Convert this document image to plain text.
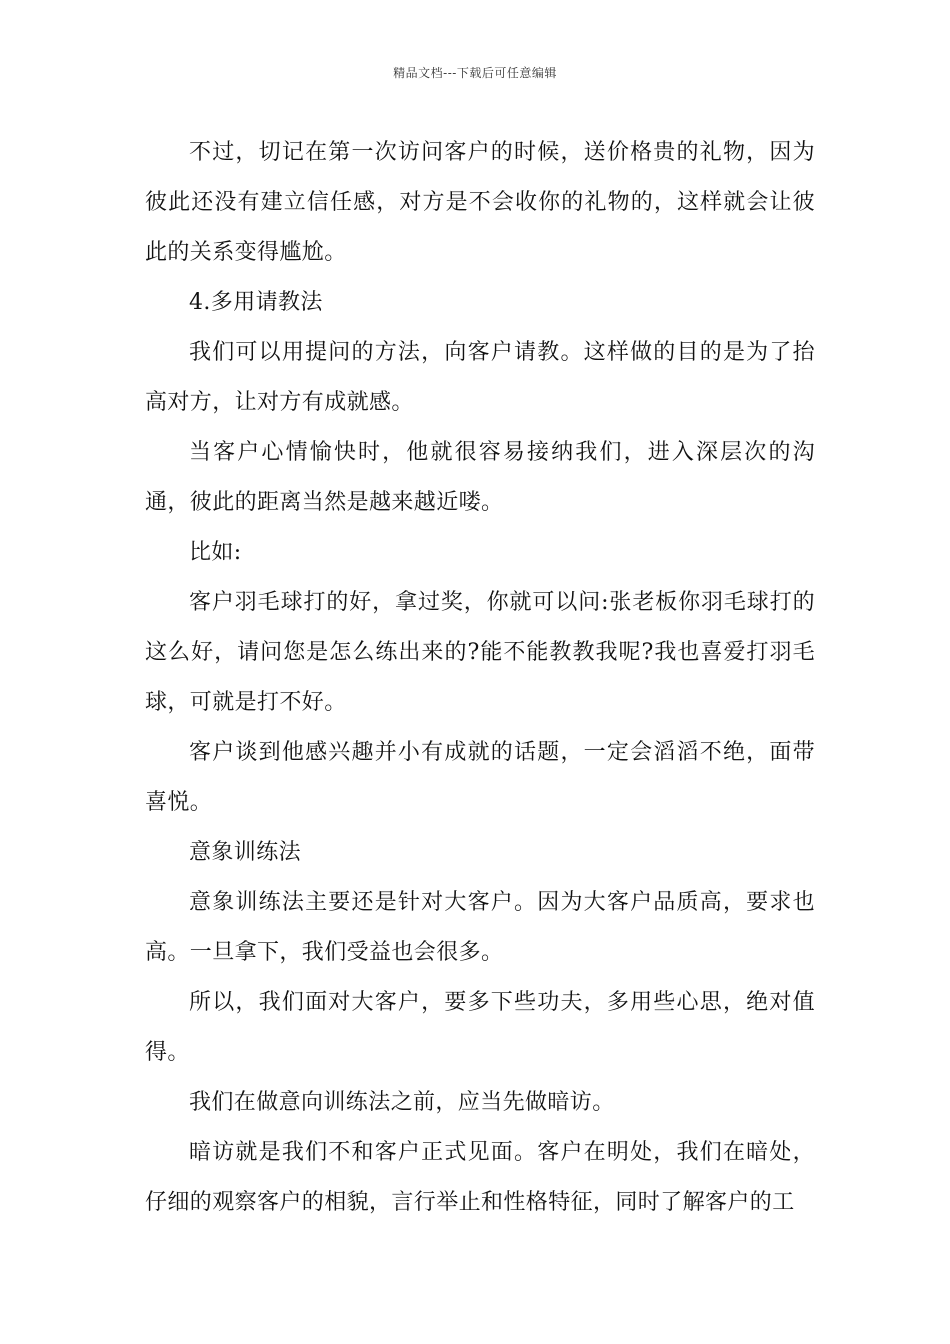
精品文档---下载后可任意编辑

不过，切记在第一次访问客户的时候，送价格贵的礼物，因为彼此还没有建立信任感，对方是不会收你的礼物的，这样就会让彼此的关系变得尴尬。

4.多用请教法

我们可以用提问的方法，向客户请教。这样做的目的是为了抬高对方，让对方有成就感。

当客户心情愉快时，他就很容易接纳我们，进入深层次的沟通，彼此的距离当然是越来越近喽。

比如:

客户羽毛球打的好，拿过奖，你就可以问:张老板你羽毛球打的这么好，请问您是怎么练出来的?能不能教教我呢?我也喜爱打羽毛球，可就是打不好。

客户谈到他感兴趣并小有成就的话题，一定会滔滔不绝，面带喜悦。

意象训练法

意象训练法主要还是针对大客户。因为大客户品质高，要求也高。一旦拿下，我们受益也会很多。

所以，我们面对大客户，要多下些功夫，多用些心思，绝对值得。

我们在做意向训练法之前，应当先做暗访。

暗访就是我们不和客户正式见面。客户在明处，我们在暗处，仔细的观察客户的相貌，言行举止和性格特征，同时了解客户的工
